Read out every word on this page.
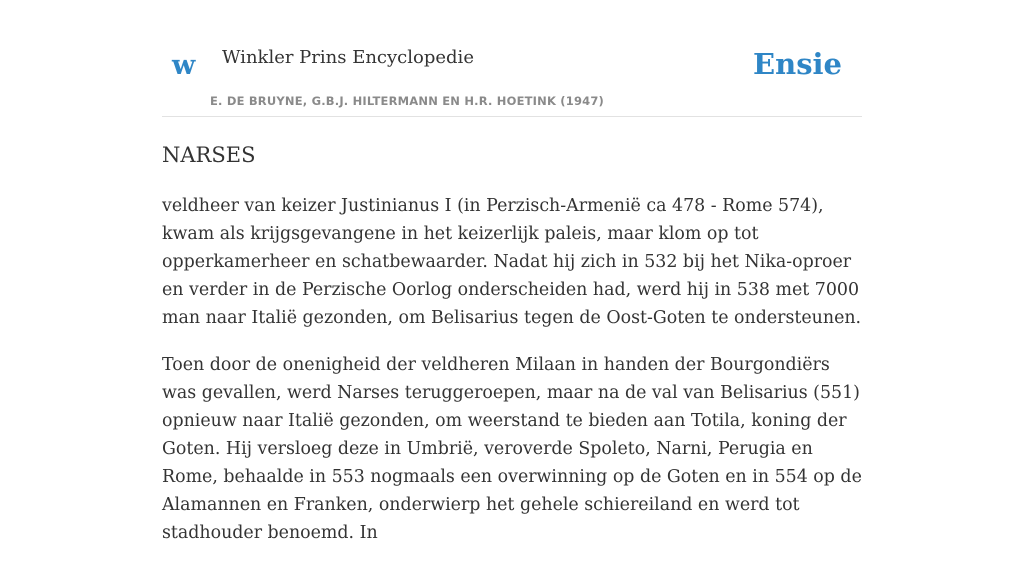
w Winkler Prins Encyclopedie
E. DE BRUYNE, G.B.J. HILTERMANN EN H.R. HOETINK (1947)
Ensie
NARSES

veldheer van keizer Justinianus I (in Perzisch-Armenië ca 478 - Rome 574), kwam als krijgsgevangene in het keizerlijk paleis, maar klom op tot opperkamerheer en schatbewaarder. Nadat hij zich in 532 bij het Nika-oproer en verder in de Perzische Oorlog onderscheiden had, werd hij in 538 met 7000 man naar Italië gezonden, om Belisarius tegen de Oost-Goten te ondersteunen.

Toen door de onenigheid der veldheren Milaan in handen der Bourgondiërs was gevallen, werd Narses teruggeroepen, maar na de val van Belisarius (551) opnieuw naar Italië gezonden, om weerstand te bieden aan Totila, koning der Goten. Hij versloeg deze in Umbrië, veroverde Spoleto, Narni, Perugia en Rome, behaalde in 553 nogmaals een overwinning op de Goten en in 554 op de Alamannen en Franken, onderwierp het gehele schiereiland en werd tot stadhouder benoemd. In
